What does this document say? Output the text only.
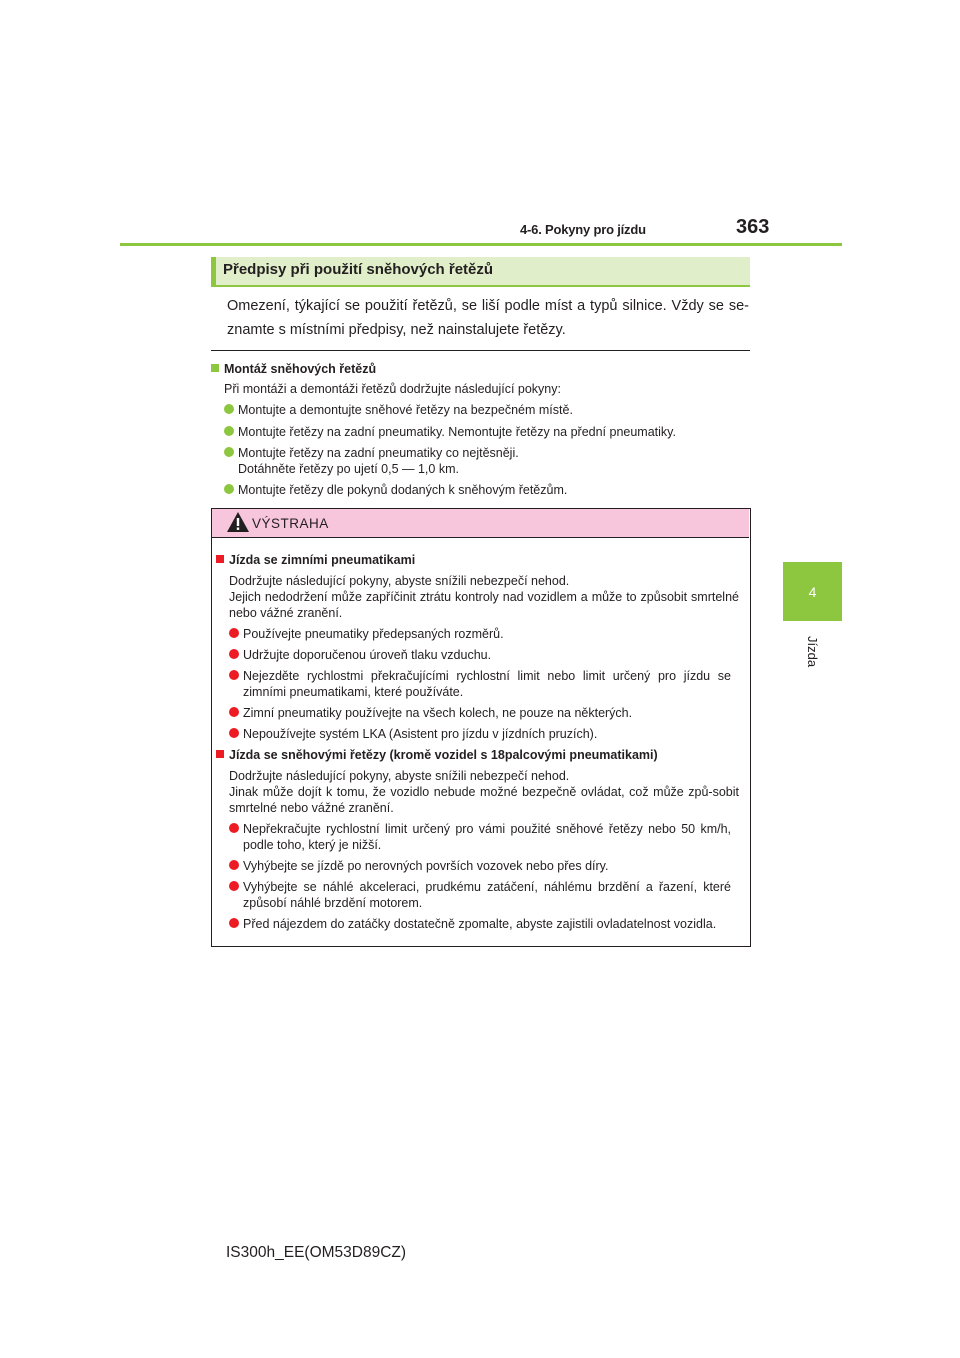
4-6. Pokyny pro jízdu	363
4
Jízda
Předpisy při použití sněhových řetězů
Omezení, týkající se použití řetězů, se liší podle míst a typů silnice. Vždy se se-znamte s místními předpisy, než nainstalujete řetězy.
Montáž sněhových řetězů
Při montáži a demontáži řetězů dodržujte následující pokyny:
Montujte a demontujte sněhové řetězy na bezpečném místě.
Montujte řetězy na zadní pneumatiky. Nemontujte řetězy na přední pneumatiky.
Montujte řetězy na zadní pneumatiky co nejtěsněji.
Dotáhněte řetězy po ujetí 0,5 — 1,0 km.
Montujte řetězy dle pokynů dodaných k sněhovým řetězům.
VÝSTRAHA
Jízda se zimními pneumatikami
Dodržujte následující pokyny, abyste snížili nebezpečí nehod.
Jejich nedodržení může zapříčinit ztrátu kontroly nad vozidlem a může to způsobit smrtelné nebo vážné zranění.
Používejte pneumatiky předepsaných rozměrů.
Udržujte doporučenou úroveň tlaku vzduchu.
Nejezděte rychlostmi překračujícími rychlostní limit nebo limit určený pro jízdu se zimními pneumatikami, které používáte.
Zimní pneumatiky používejte na všech kolech, ne pouze na některých.
Nepoužívejte systém LKA (Asistent pro jízdu v jízdních pruzích).
Jízda se sněhovými řetězy (kromě vozidel s 18palcovými pneumatikami)
Dodržujte následující pokyny, abyste snížili nebezpečí nehod.
Jinak může dojít k tomu, že vozidlo nebude možné bezpečně ovládat, což může způ-sobit smrtelné nebo vážné zranění.
Nepřekračujte rychlostní limit určený pro vámi použité sněhové řetězy nebo 50 km/h, podle toho, který je nižší.
Vyhýbejte se jízdě po nerovných površích vozovek nebo přes díry.
Vyhýbejte se náhlé akceleraci, prudkému zatáčení, náhlému brzdění a řazení, které způsobí náhlé brzdění motorem.
Před nájezdem do zatáčky dostatečně zpomalte, abyste zajistili ovladatelnost vozidla.
IS300h_EE(OM53D89CZ)
